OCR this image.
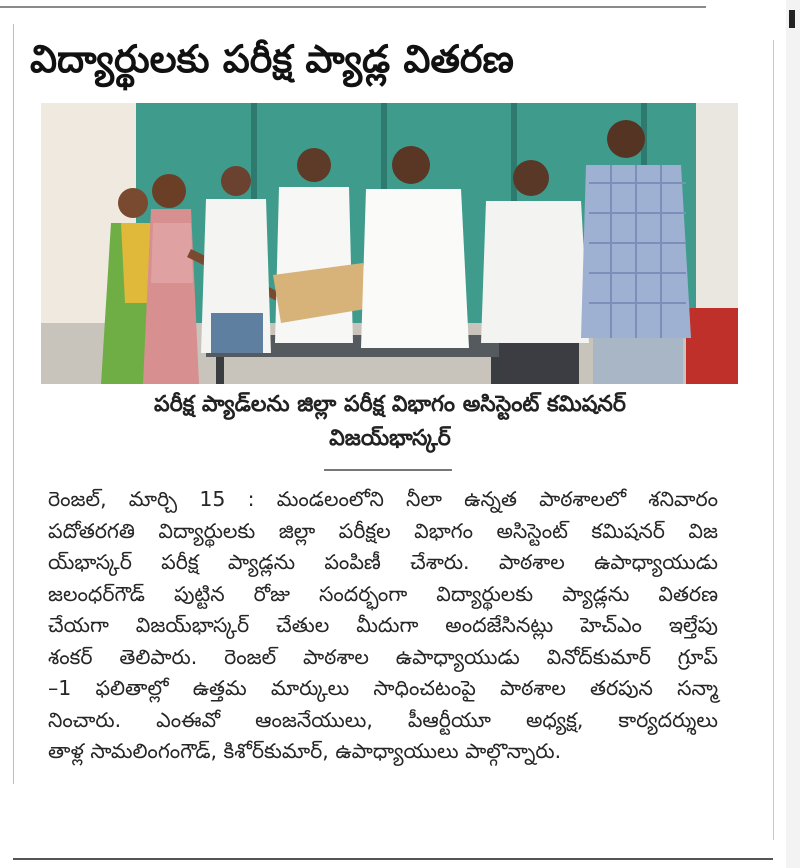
విద్యార్థులకు పరీక్ష ప్యాడ్ల వితరణ
పరీక్ష ప్యాడ్‌లను జిల్లా పరీక్ష విభాగం అసిస్టెంట్ కమిషనర్
విజయ్‌భాస్కర్
రెంజల్, మార్చి 15 : మండలంలోని నీలా ఉన్నత పాఠశాలలో శనివారం
పదోతరగతి విద్యార్థులకు జిల్లా పరీక్షల విభాగం అసిస్టెంట్ కమిషనర్ విజ
య్‌భాస్కర్ పరీక్ష ప్యాడ్లను పంపిణీ చేశారు. పాఠశాల ఉపాధ్యాయుడు
జలంధర్‌గౌడ్ పుట్టిన రోజు సందర్భంగా విద్యార్థులకు ప్యాడ్లను వితరణ
చేయగా విజయ్‌భాస్కర్ చేతుల మీదుగా అందజేసినట్లు హెచ్ఎం ఇల్తేపు
శంకర్ తెలిపారు. రెంజల్ పాఠశాల ఉపాధ్యాయుడు వినోద్‌కుమార్ గ్రూప్
–1 ఫలితాల్లో ఉత్తమ మార్కులు సాధించటంపై పాఠశాల తరపున సన్మా
నించారు. ఎంఈవో ఆంజనేయులు, పీఆర్టీయూ అధ్యక్ష, కార్యదర్శులు
తాళ్ల సామలింగంగౌడ్, కిశోర్‌కుమార్, ఉపాధ్యాయులు పాల్గొన్నారు.
